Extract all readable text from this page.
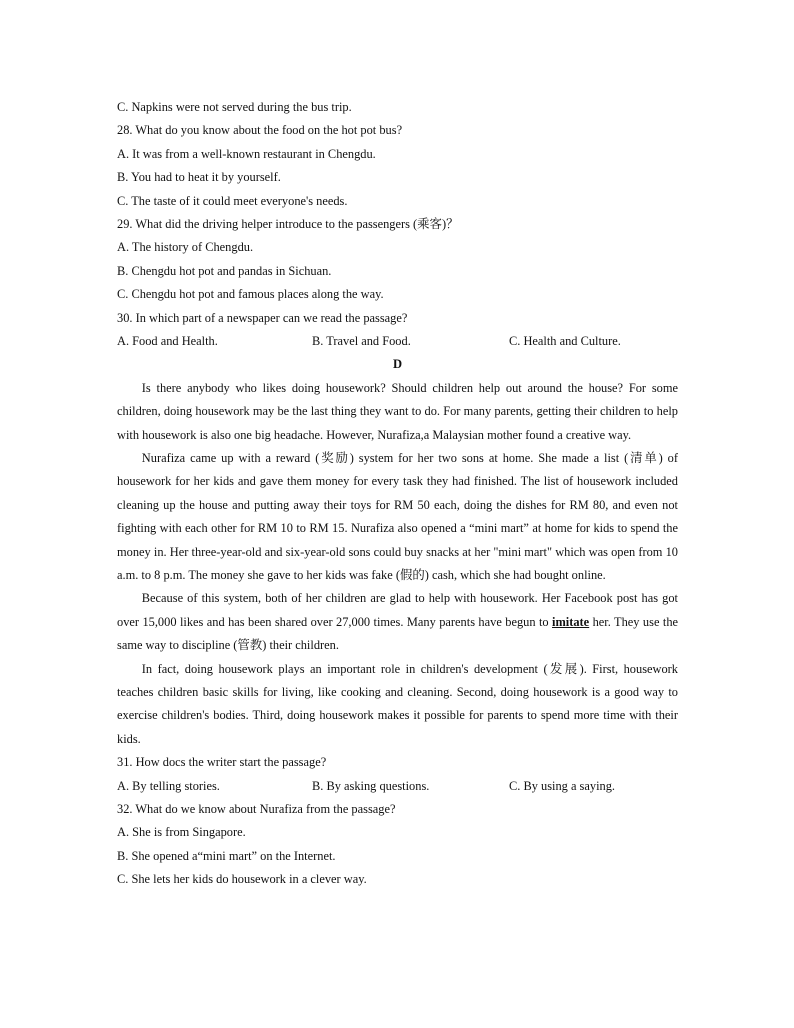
C. Napkins were not served during the bus trip.
28. What do you know about the food on the hot pot bus?
A. It was from a well-known restaurant in Chengdu.
B. You had to heat it by yourself.
C. The taste of it could meet everyone's needs.
29. What did the driving helper introduce to the passengers (乘客)？
A. The history of Chengdu.
B. Chengdu hot pot and pandas in Sichuan.
C. Chengdu hot pot and famous places along the way.
30. In which part of a newspaper can we read the passage?
A. Food and Health.	B. Travel and Food.	C. Health and Culture.
D

Is there anybody who likes doing housework? Should children help out around the house? For some children, doing housework may be the last thing they want to do. For many parents, getting their children to help with housework is also one big headache. However, Nurafiza,a Malaysian mother found a creative way.

Nurafiza came up with a reward (奖励) system for her two sons at home. She made a list (清单) of housework for her kids and gave them money for every task they had finished. The list of housework included cleaning up the house and putting away their toys for RM 50 each, doing the dishes for RM 80, and even not fighting with each other for RM 10 to RM 15. Nurafiza also opened a “mini mart” at home for kids to spend the money in. Her three-year-old and six-year-old sons could buy snacks at her "mini mart" which was open from 10 a.m. to 8 p.m. The money she gave to her kids was fake (假的) cash, which she had bought online.

Because of this system, both of her children are glad to help with housework. Her Facebook post has got over 15,000 likes and has been shared over 27,000 times. Many parents have begun to imitate her. They use the same way to discipline (管教) their children.

In fact, doing housework plays an important role in children's development (发展). First, housework teaches children basic skills for living, like cooking and cleaning. Second, doing housework is a good way to exercise children's bodies. Third, doing housework makes it possible for parents to spend more time with their kids.

31. How docs the writer start the passage?
A. By telling stories.	B. By asking questions.	C. By using a saying.
32. What do we know about Nurafiza from the passage?
A. She is from Singapore.
B. She opened a“mini mart” on the Internet.
C. She lets her kids do housework in a clever way.
